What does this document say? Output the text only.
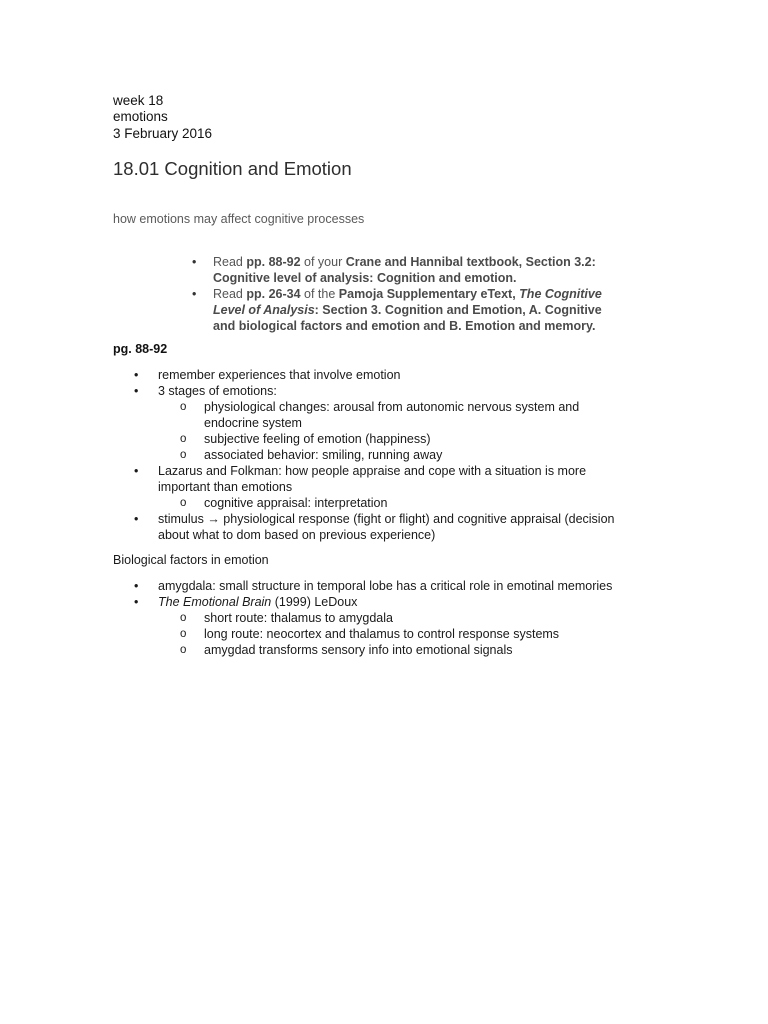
week 18
emotions
3 February 2016
18.01 Cognition and Emotion
how emotions may affect cognitive processes
• Read pp. 88-92 of your Crane and Hannibal textbook, Section 3.2: Cognitive level of analysis: Cognition and emotion.
• Read pp. 26-34 of the Pamoja Supplementary eText, The Cognitive Level of Analysis: Section 3. Cognition and Emotion, A. Cognitive and biological factors and emotion and B. Emotion and memory.
pg. 88-92
• remember experiences that involve emotion
• 3 stages of emotions:
o physiological changes: arousal from autonomic nervous system and endocrine system
o subjective feeling of emotion (happiness)
o associated behavior: smiling, running away
• Lazarus and Folkman: how people appraise and cope with a situation is more important than emotions
o cognitive appraisal: interpretation
• stimulus → physiological response (fight or flight) and cognitive appraisal (decision about what to dom based on previous experience)
Biological factors in emotion
• amygdala: small structure in temporal lobe has a critical role in emotinal memories
• The Emotional Brain (1999) LeDoux
o short route: thalamus to amygdala
o long route: neocortex and thalamus to control response systems
o amygdad transforms sensory info into emotional signals
